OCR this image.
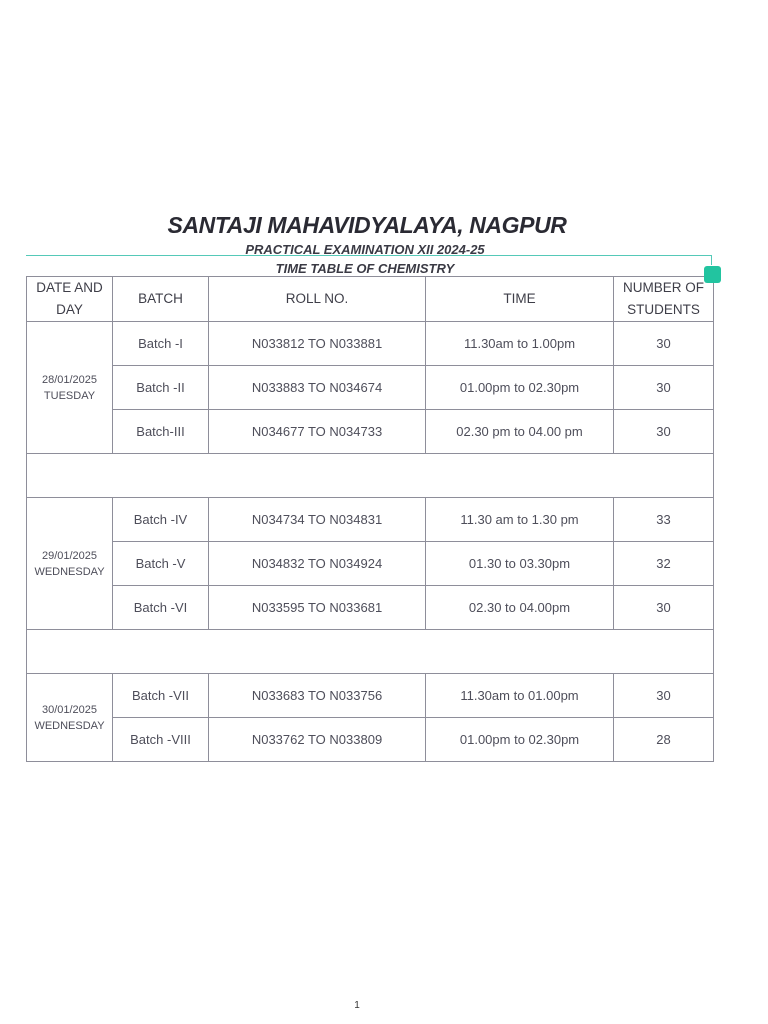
SANTAJI MAHAVIDYALAYA, NAGPUR
PRACTICAL EXAMINATION XII 2024-25
TIME TABLE OF CHEMISTRY
DATE AND
DAY	BATCH	ROLL NO.	TIME	NUMBER OF
STUDENTS
28/01/2025
TUESDAY	Batch -I	N033812 TO N033881	11.30am to 1.00pm	30
	Batch -II	N033883 TO N034674	01.00pm to 02.30pm	30
	Batch-III	N034677 TO N034733	02.30 pm to 04.00 pm	30

29/01/2025
WEDNESDAY	Batch -IV	N034734 TO N034831	11.30 am to 1.30 pm	33
	Batch -V	N034832 TO N034924	01.30 to 03.30pm	32
	Batch -VI	N033595 TO N033681	02.30 to 04.00pm	30

30/01/2025
WEDNESDAY	Batch -VII	N033683 TO N033756	11.30am to 01.00pm	30
	Batch -VIII	N033762 TO N033809	01.00pm to 02.30pm	28
1
